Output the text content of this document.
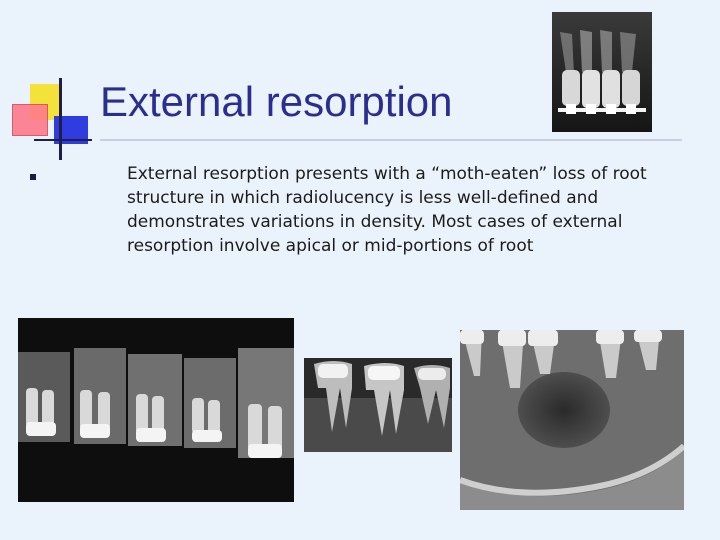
External resorption
External resorption presents with a “moth-eaten” loss of root structure in which radiolucency is less well-defined and demonstrates variations in density. Most cases of external resorption involve apical or mid-portions of root
